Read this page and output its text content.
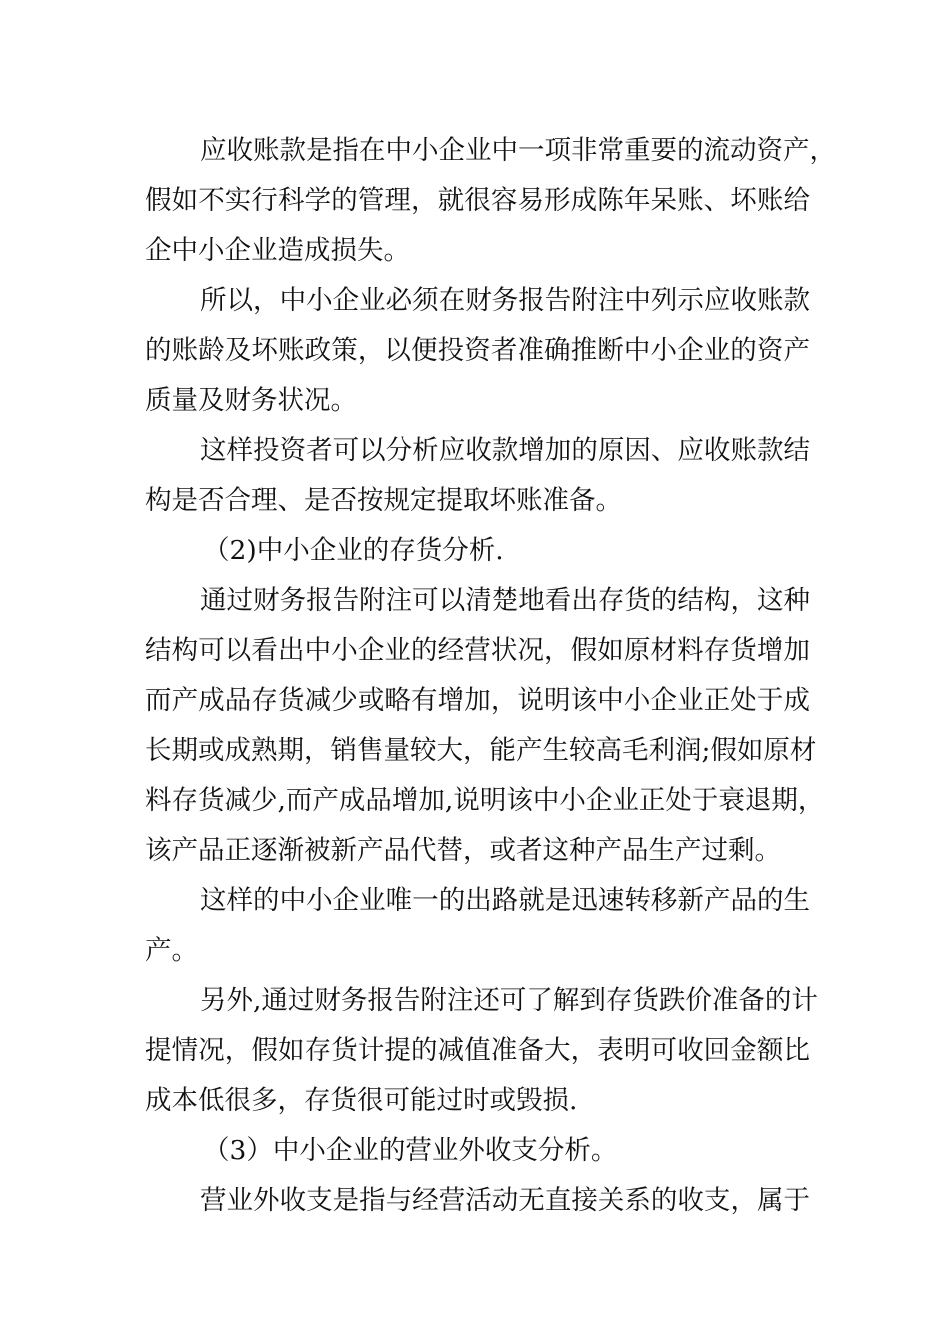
应收账款是指在中小企业中一项非常重要的流动资产，
假如不实行科学的管理，就很容易形成陈年呆账、坏账给
企中小企业造成损失。
所以，中小企业必须在财务报告附注中列示应收账款
的账龄及坏账政策，以便投资者准确推断中小企业的资产
质量及财务状况。
这样投资者可以分析应收款增加的原因、应收账款结
构是否合理、是否按规定提取坏账准备。
（2)中小企业的存货分析.
通过财务报告附注可以清楚地看出存货的结构，这种
结构可以看出中小企业的经营状况，假如原材料存货增加
而产成品存货减少或略有增加，说明该中小企业正处于成
长期或成熟期，销售量较大，能产生较高毛利润;假如原材
料存货减少,而产成品增加,说明该中小企业正处于衰退期，
该产品正逐渐被新产品代替，或者这种产品生产过剩。
这样的中小企业唯一的出路就是迅速转移新产品的生
产。
另外,通过财务报告附注还可了解到存货跌价准备的计
提情况，假如存货计提的减值准备大，表明可收回金额比
成本低很多，存货很可能过时或毁损.
（3）中小企业的营业外收支分析。
营业外收支是指与经营活动无直接关系的收支，属于
